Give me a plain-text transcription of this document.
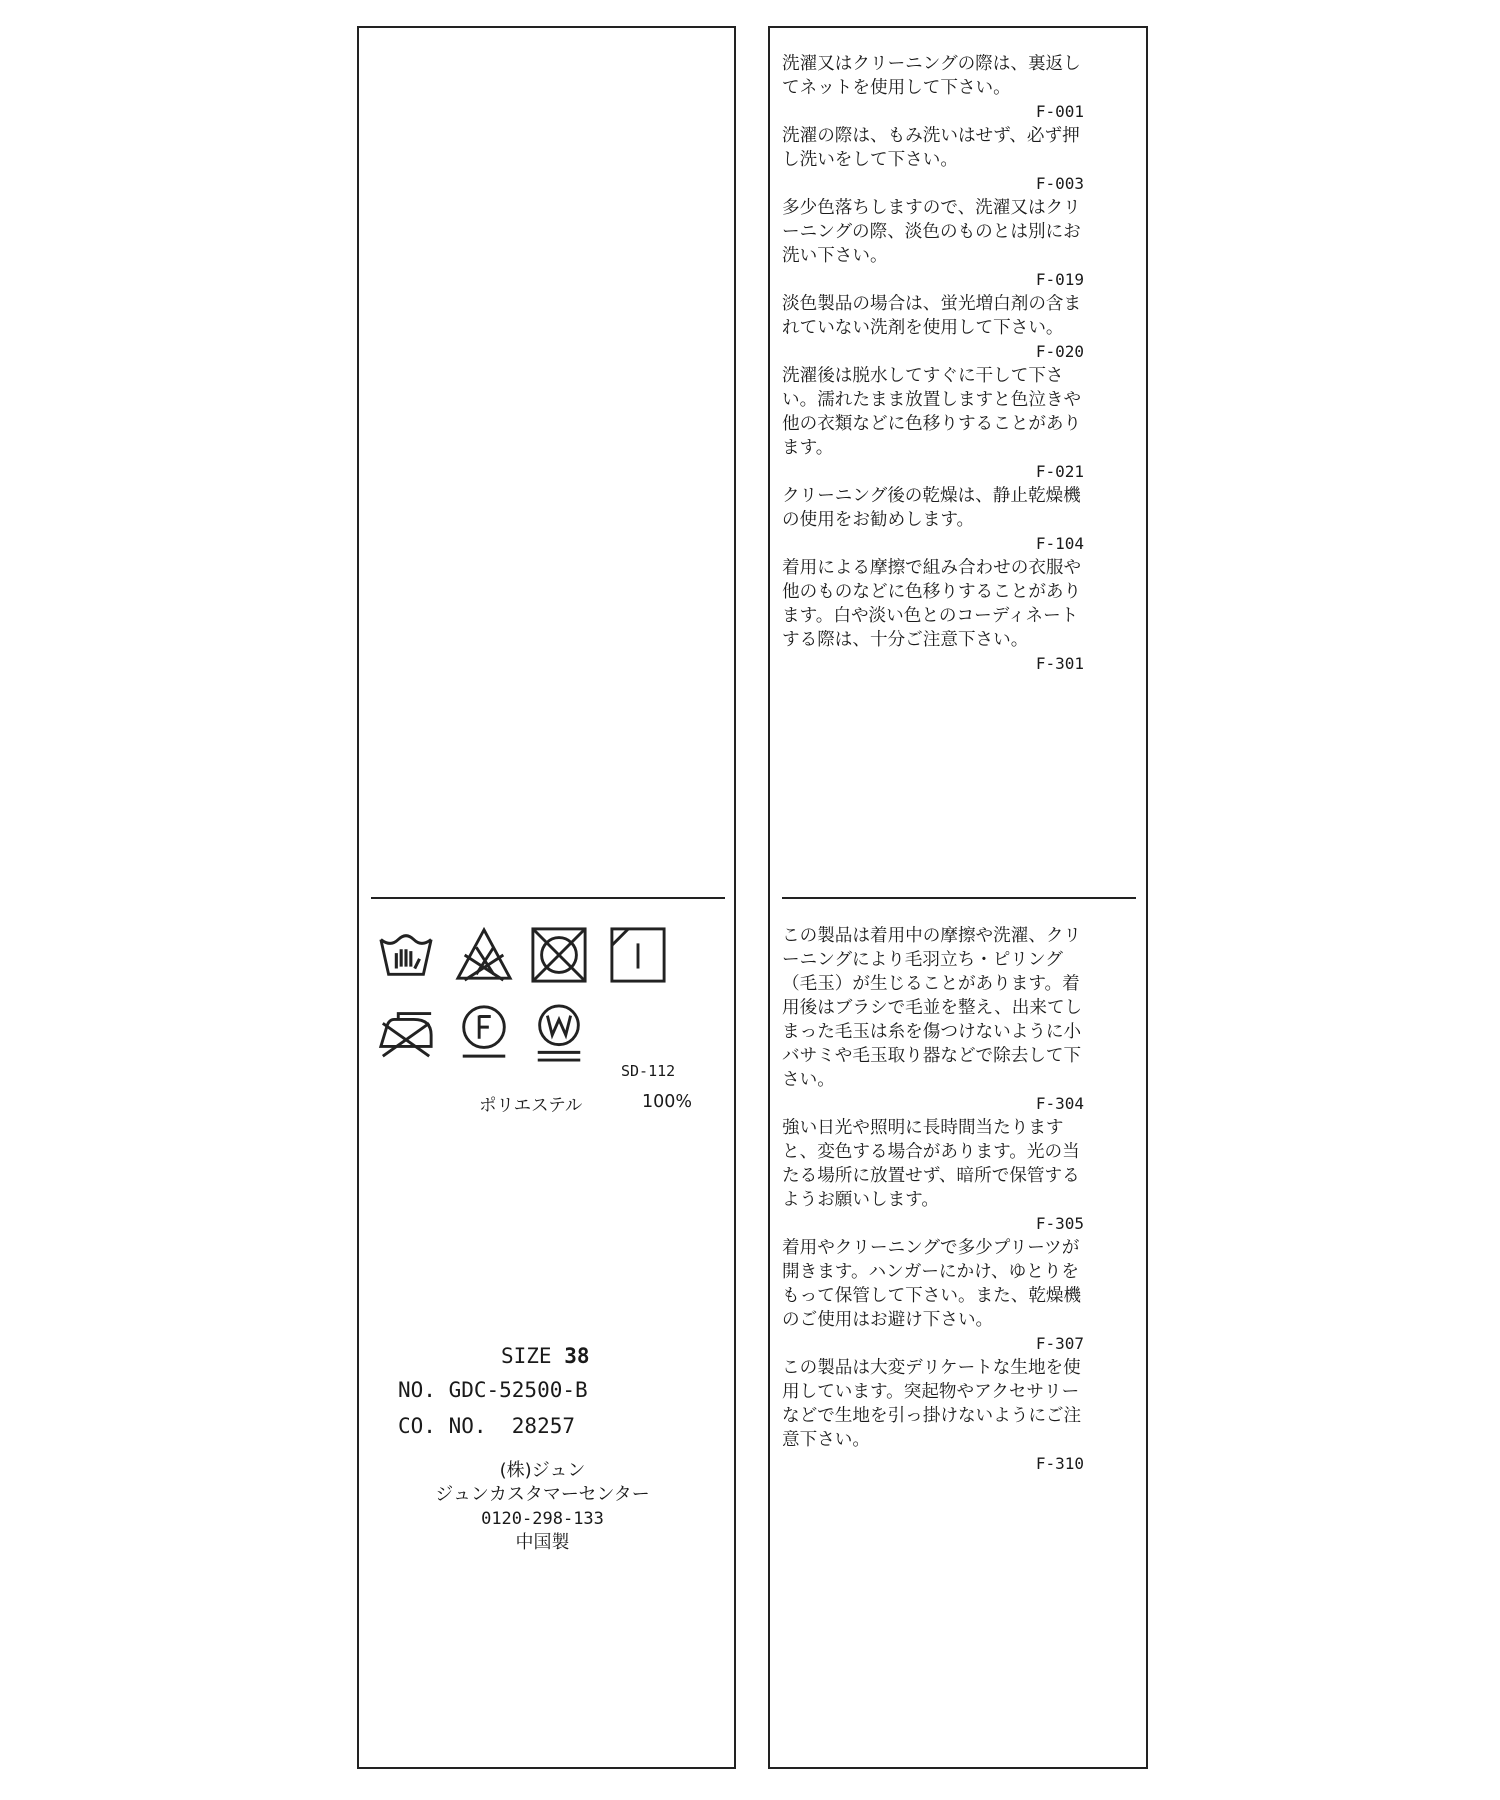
SD-112
ポリエステル	100%
SIZE 38
NO. GDC-52500-B
CO. NO.  28257
(株)ジュン
ジュンカスタマーセンター
0120-298-133
中国製
洗濯又はクリーニングの際は、裏返してネットを使用して下さい。
F-001
洗濯の際は、もみ洗いはせず、必ず押し洗いをして下さい。
F-003
多少色落ちしますので、洗濯又はクリーニングの際、淡色のものとは別にお洗い下さい。
F-019
淡色製品の場合は、蛍光増白剤の含まれていない洗剤を使用して下さい。
F-020
洗濯後は脱水してすぐに干して下さい。濡れたまま放置しますと色泣きや他の衣類などに色移りすることがあります。
F-021
クリーニング後の乾燥は、静止乾燥機の使用をお勧めします。
F-104
着用による摩擦で組み合わせの衣服や他のものなどに色移りすることがあります。白や淡い色とのコーディネートする際は、十分ご注意下さい。
F-301
この製品は着用中の摩擦や洗濯、クリーニングにより毛羽立ち・ピリング（毛玉）が生じることがあります。着用後はブラシで毛並を整え、出来てしまった毛玉は糸を傷つけないように小バサミや毛玉取り器などで除去して下さい。
F-304
強い日光や照明に長時間当たりますと、変色する場合があります。光の当たる場所に放置せず、暗所で保管するようお願いします。
F-305
着用やクリーニングで多少プリーツが開きます。ハンガーにかけ、ゆとりをもって保管して下さい。また、乾燥機のご使用はお避け下さい。
F-307
この製品は大変デリケートな生地を使用しています。突起物やアクセサリーなどで生地を引っ掛けないようにご注意下さい。
F-310
